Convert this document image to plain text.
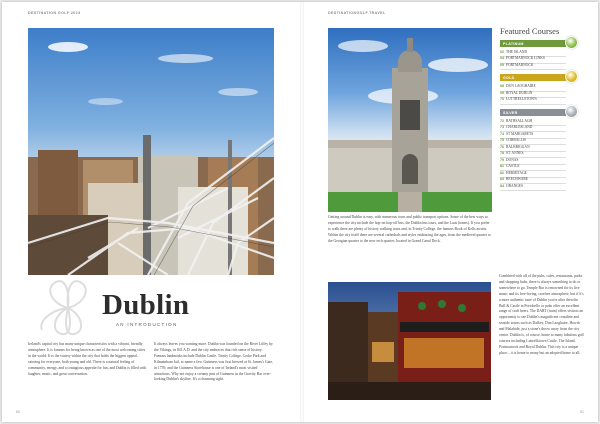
DESTINATION GOLF 2023
Dublin
AN INTRODUCTION
Ireland's capital city has many unique characteristics with a vibrant, friendly atmosphere. It is famous for being known as one of the most welcoming cities in the world. It is the variety within the city that holds the biggest appeal, catering for everyone, both young and old. There is a natural feeling of community, energy, and a contagious appetite for fun, and Dublin is filled with laughter, music, and great conversation.
It always leaves you wanting more. Dublin was founded on the River Liffey by the Vikings, in 841 A.D. and the city embraces that rich sense of history. Famous landmarks include Dublin Castle, Trinity College, Croke Park and Kilmainham Jail, to name a few. Guinness was first brewed at St. James's Gate, in 1759, and the Guinness Storehouse is one of Ireland's most visited attractions. Why not enjoy a creamy pint of Guinness in the Gravity Bar over-looking Dublin's skyline. It's a charming sight.
60
DESTINATIONGOLF.TRAVEL
Getting around Dublin is easy, with numerous tours and public transport options. Some of the best ways to experience the city include the hop-on hop-off bus, the Dublin bus tours, and the Luas (trams). If you prefer to walk there are plenty of history walking tours and, in Trinity College, the famous Book of Kells awaits. Within the city itself there are several cathedrals and styles embracing the ages, from the medieval quarter to the Georgian quarter to the new tech quarter, located in Grand Canal Dock.
Combined with all of the pubs, cafes, restaurants, parks and shopping hubs, there is always something to do or somewhere to go. Temple Bar is renowned for its live music and its free-loving, carefree atmosphere, but if it's a more authentic taste of Dublin you're after then the Bull & Castle in Portobello or pubs offer an excellent range of craft beers. The DART (train) offers visitors an opportunity to see Dublin's magnificent coastline and seaside towns such as Dalkey, Dun Laoghaire, Howth and Malahide, just a stone's throw away from the city centre. Dublin is, of course, home to many fabulous golf courses including Luttrellstown Castle, The Island, Portmarnock and Royal Dublin. This city is a unique place... it is home to many but an adopted home to all.
Featured Courses
PLATINUM
02 THE ISLAND
04 PORTMARNOCK LINKS
05 PORTMARNOCK
GOLD
08 DUN LAOGHAIRE
09 ROYAL DUBLIN
70 LUTTRELLSTOWN
SILVER
72 RATHSALLAGH
73 CHARLESLAND
74 ST MARGARETS
75 CORBALLIS
76 BALBRIGGAN
78 ST. ANNES
79 DONAS
81 CASTLE
82 HERMITAGE
83 BEECHWARE
84 ORANGES
61
